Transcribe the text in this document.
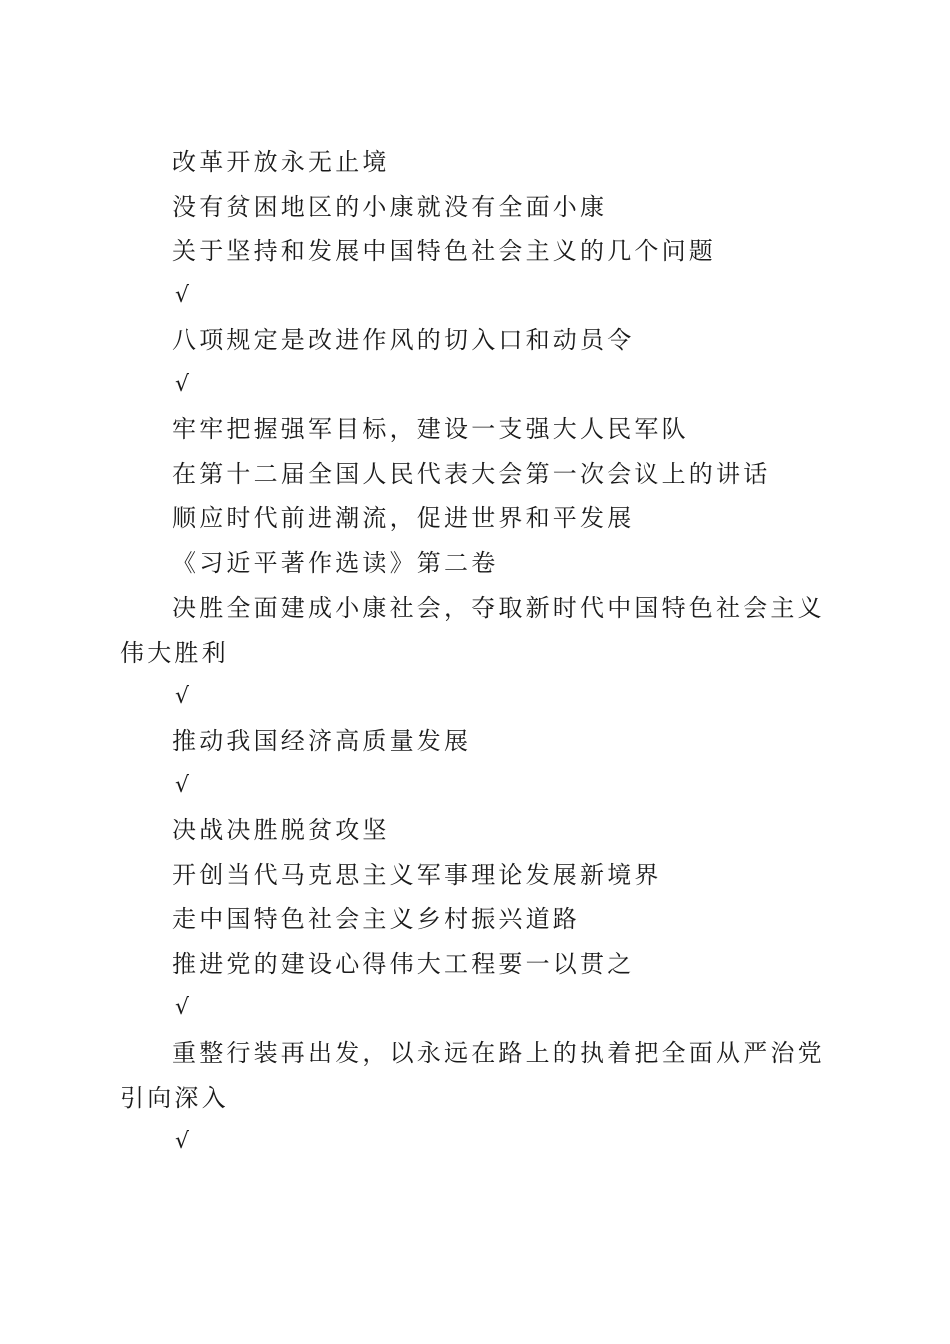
改革开放永无止境

没有贫困地区的小康就没有全面小康

关于坚持和发展中国特色社会主义的几个问题

√

八项规定是改进作风的切入口和动员令

√

牢牢把握强军目标，建设一支强大人民军队

在第十二届全国人民代表大会第一次会议上的讲话

顺应时代前进潮流，促进世界和平发展

《习近平著作选读》第二卷

决胜全面建成小康社会，夺取新时代中国特色社会主义伟大胜利

√

推动我国经济高质量发展

√

决战决胜脱贫攻坚

开创当代马克思主义军事理论发展新境界

走中国特色社会主义乡村振兴道路

推进党的建设心得伟大工程要一以贯之

√

重整行装再出发，以永远在路上的执着把全面从严治党引向深入

√
